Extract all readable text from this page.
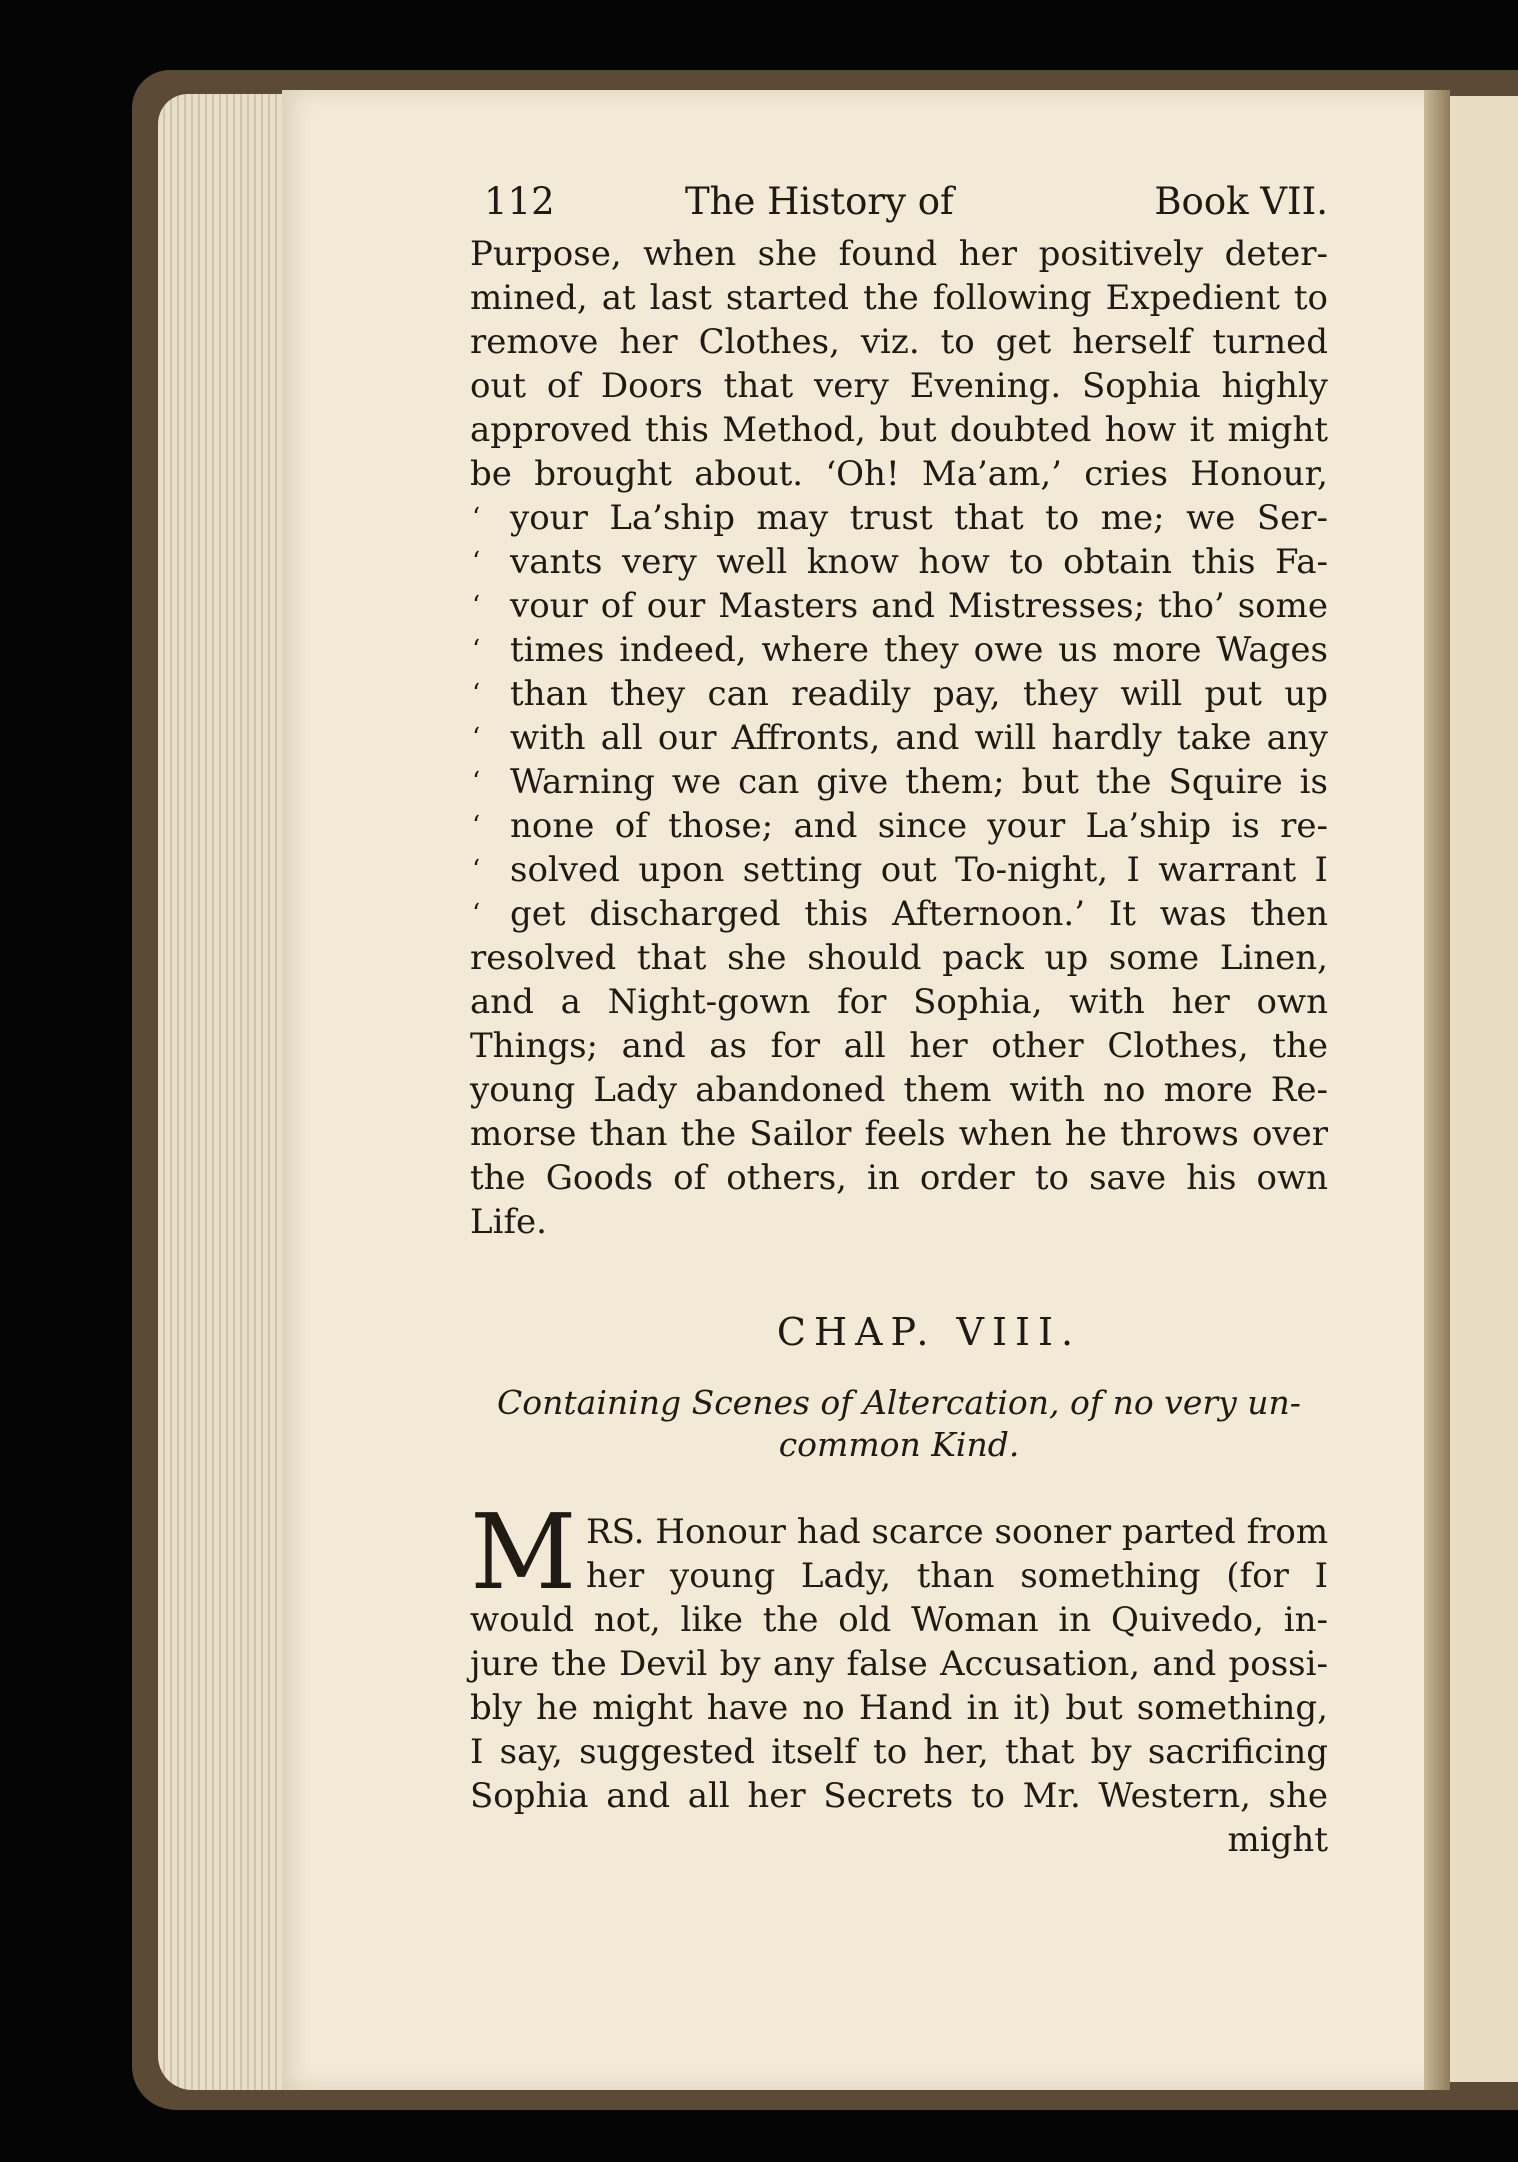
112	The History of	Book VII.
Purpose, when she found her positively deter-
mined, at last started the following Expedient to
remove her Clothes, viz. to get herself turned
out of Doors that very Evening. Sophia highly
approved this Method, but doubted how it might
be brought about. ‘Oh! Ma’am,’ cries Honour,
‘ your La’ship may trust that to me; we Ser-
‘ vants very well know how to obtain this Fa-
‘ vour of our Masters and Mistresses; tho’ some
‘ times indeed, where they owe us more Wages
‘ than they can readily pay, they will put up
‘ with all our Affronts, and will hardly take any
‘ Warning we can give them; but the Squire is
‘ none of those; and since your La’ship is re-
‘ solved upon setting out To-night, I warrant I
‘ get discharged this Afternoon.’ It was then
resolved that she should pack up some Linen,
and a Night-gown for Sophia, with her own
Things; and as for all her other Clothes, the
young Lady abandoned them with no more Re-
morse than the Sailor feels when he throws over
the Goods of others, in order to save his own
Life.
CHAP. VIII.
Containing Scenes of Altercation, of no very un-
common Kind.
M RS. Honour had scarce sooner parted from
her young Lady, than something (for I
would not, like the old Woman in Quivedo, in-
jure the Devil by any false Accusation, and possi-
bly he might have no Hand in it) but something,
I say, suggested itself to her, that by sacrificing
Sophia and all her Secrets to Mr. Western, she
might
